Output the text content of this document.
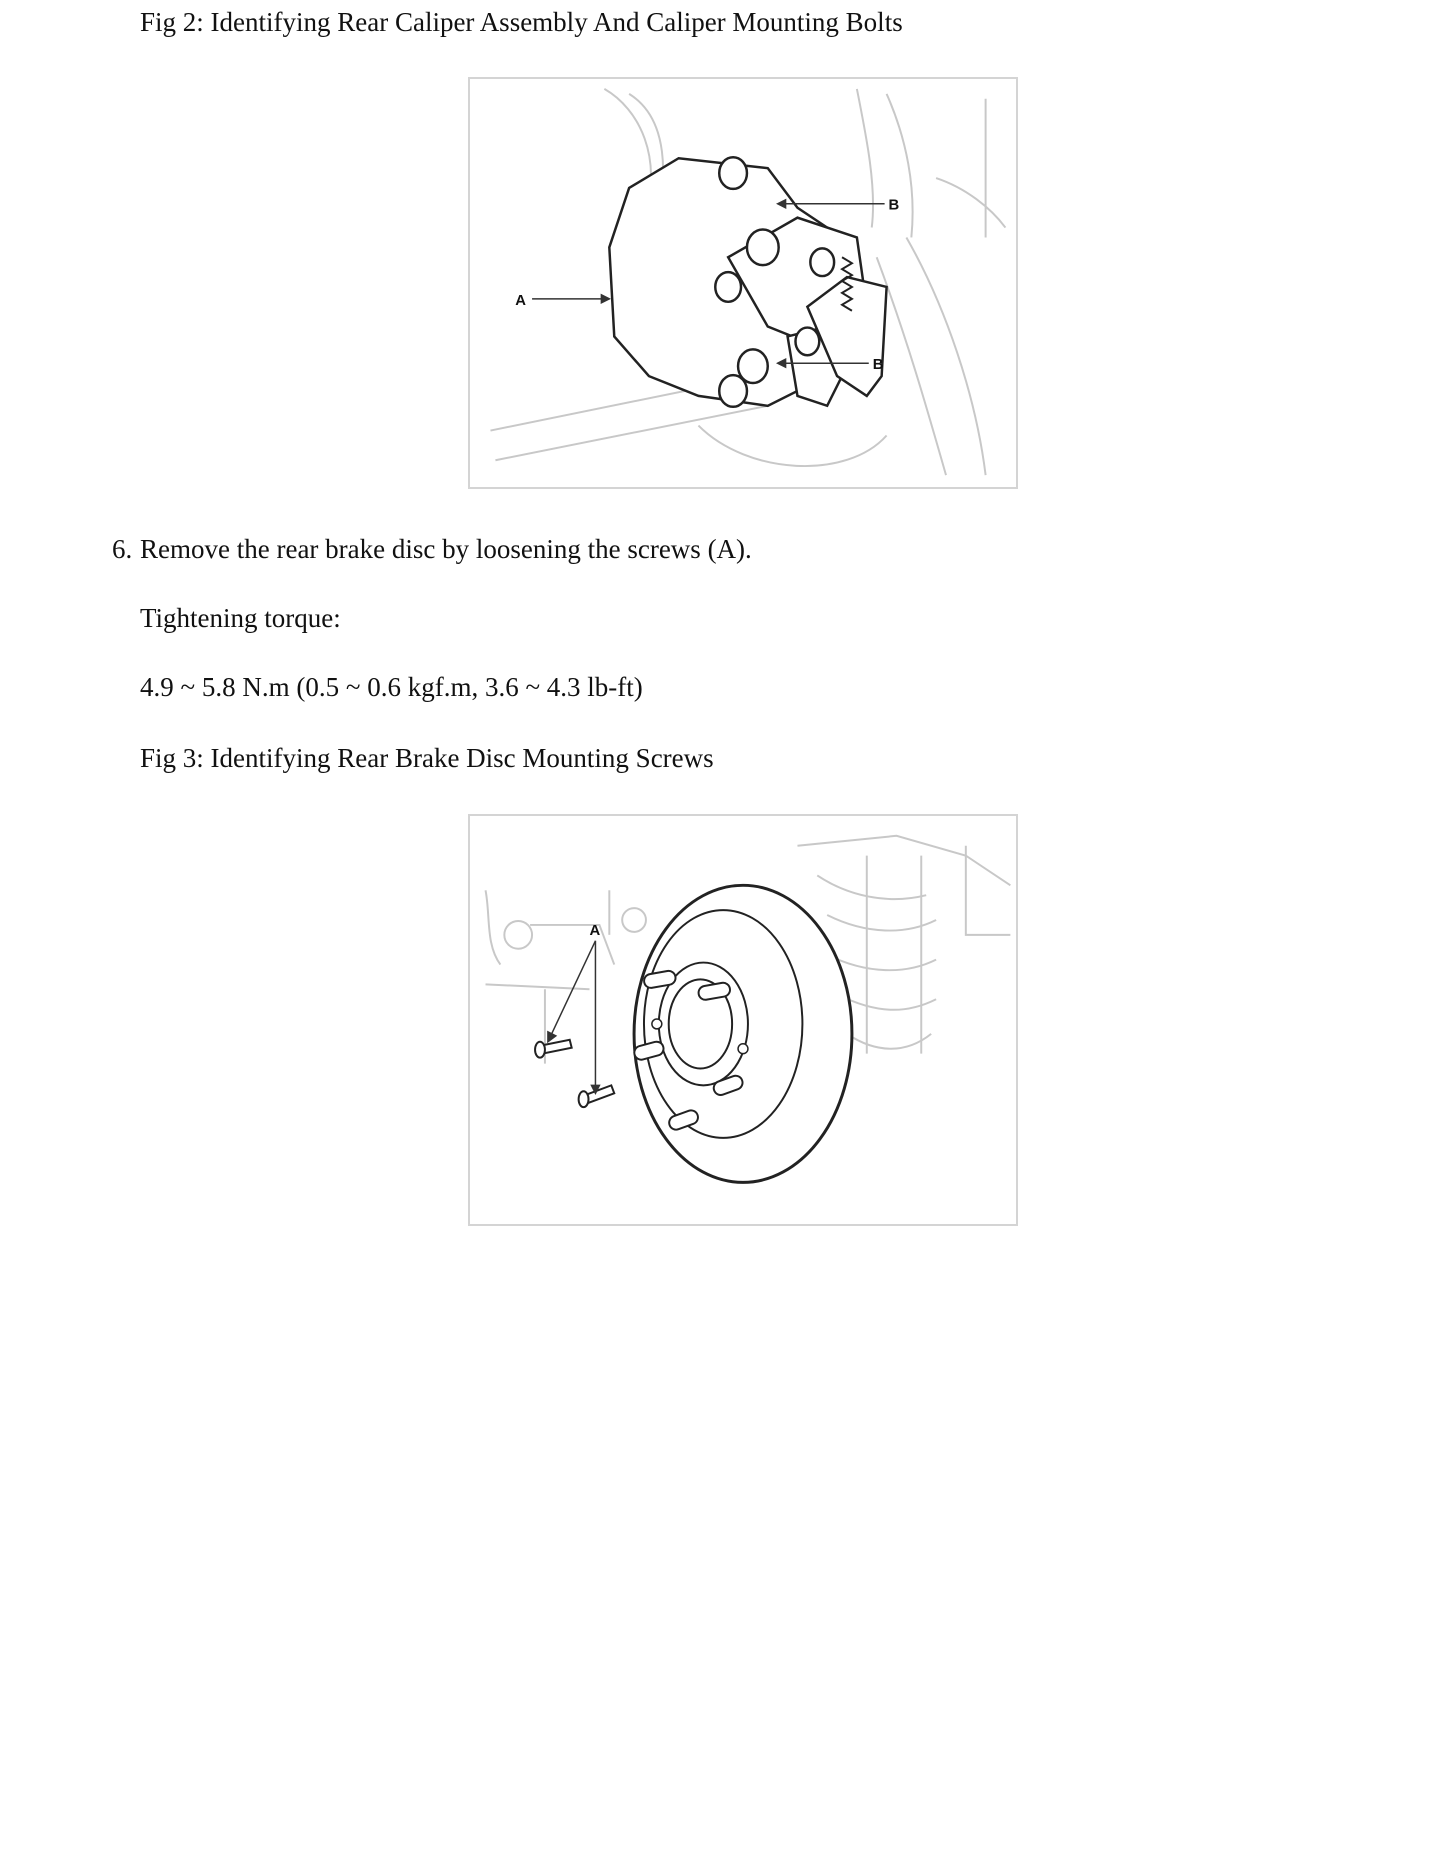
Fig 2: Identifying Rear Caliper Assembly And Caliper Mounting Bolts
A
B
B
6. Remove the rear brake disc by loosening the screws (A).
Tightening torque:
4.9 ~ 5.8 N.m (0.5 ~ 0.6 kgf.m, 3.6 ~ 4.3 lb-ft)
Fig 3: Identifying Rear Brake Disc Mounting Screws
A
